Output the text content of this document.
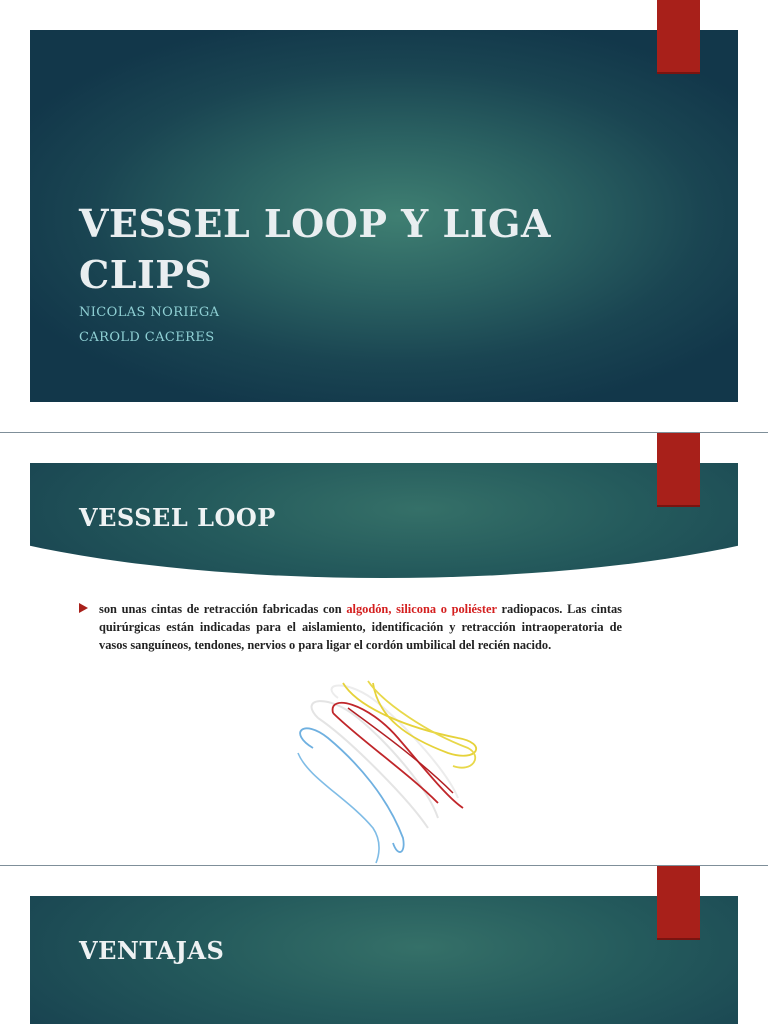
VESSEL LOOP Y LIGA CLIPS
NICOLAS NORIEGA
CAROLD CACERES
VESSEL LOOP
son unas cintas de retracción fabricadas con algodón, silicona o poliéster radiopacos. Las cintas quirúrgicas están indicadas para el aislamiento, identificación y retracción intraoperatoria de vasos sanguíneos, tendones, nervios o para ligar el cordón umbilical del recién nacido.
VENTAJAS
